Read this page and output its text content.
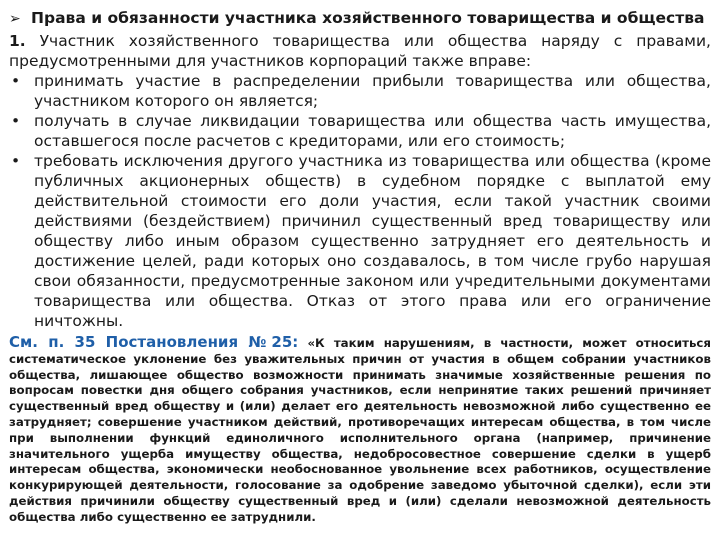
➢ Права и обязанности участника хозяйственного товарищества и общества

1. Участник хозяйственного товарищества или общества наряду с правами, предусмотренными для участников корпораций также вправе:

• принимать участие в распределении прибыли товарищества или общества, участником которого он является;
• получать в случае ликвидации товарищества или общества часть имущества, оставшегося после расчетов с кредиторами, или его стоимость;
• требовать исключения другого участника из товарищества или общества (кроме публичных акционерных обществ) в судебном порядке с выплатой ему действительной стоимости его доли участия, если такой участник своими действиями (бездействием) причинил существенный вред товариществу или обществу либо иным образом существенно затрудняет его деятельность и достижение целей, ради которых оно создавалось, в том числе грубо нарушая свои обязанности, предусмотренные законом или учредительными документами товарищества или общества. Отказ от этого права или его ограничение ничтожны.

См. п. 35 Постановления №25: «К таким нарушениям, в частности, может относиться систематическое уклонение без уважительных причин от участия в общем собрании участников общества, лишающее общество возможности принимать значимые хозяйственные решения по вопросам повестки дня общего собрания участников, если непринятие таких решений причиняет существенный вред обществу и (или) делает его деятельность невозможной либо существенно ее затрудняет; совершение участником действий, противоречащих интересам общества, в том числе при выполнении функций единоличного исполнительного органа (например, причинение значительного ущерба имуществу общества, недобросовестное совершение сделки в ущерб интересам общества, экономически необоснованное увольнение всех работников, осуществление конкурирующей деятельности, голосование за одобрение заведомо убыточной сделки), если эти действия причинили обществу существенный вред и (или) сделали невозможной деятельность общества либо существенно ее затруднили.
